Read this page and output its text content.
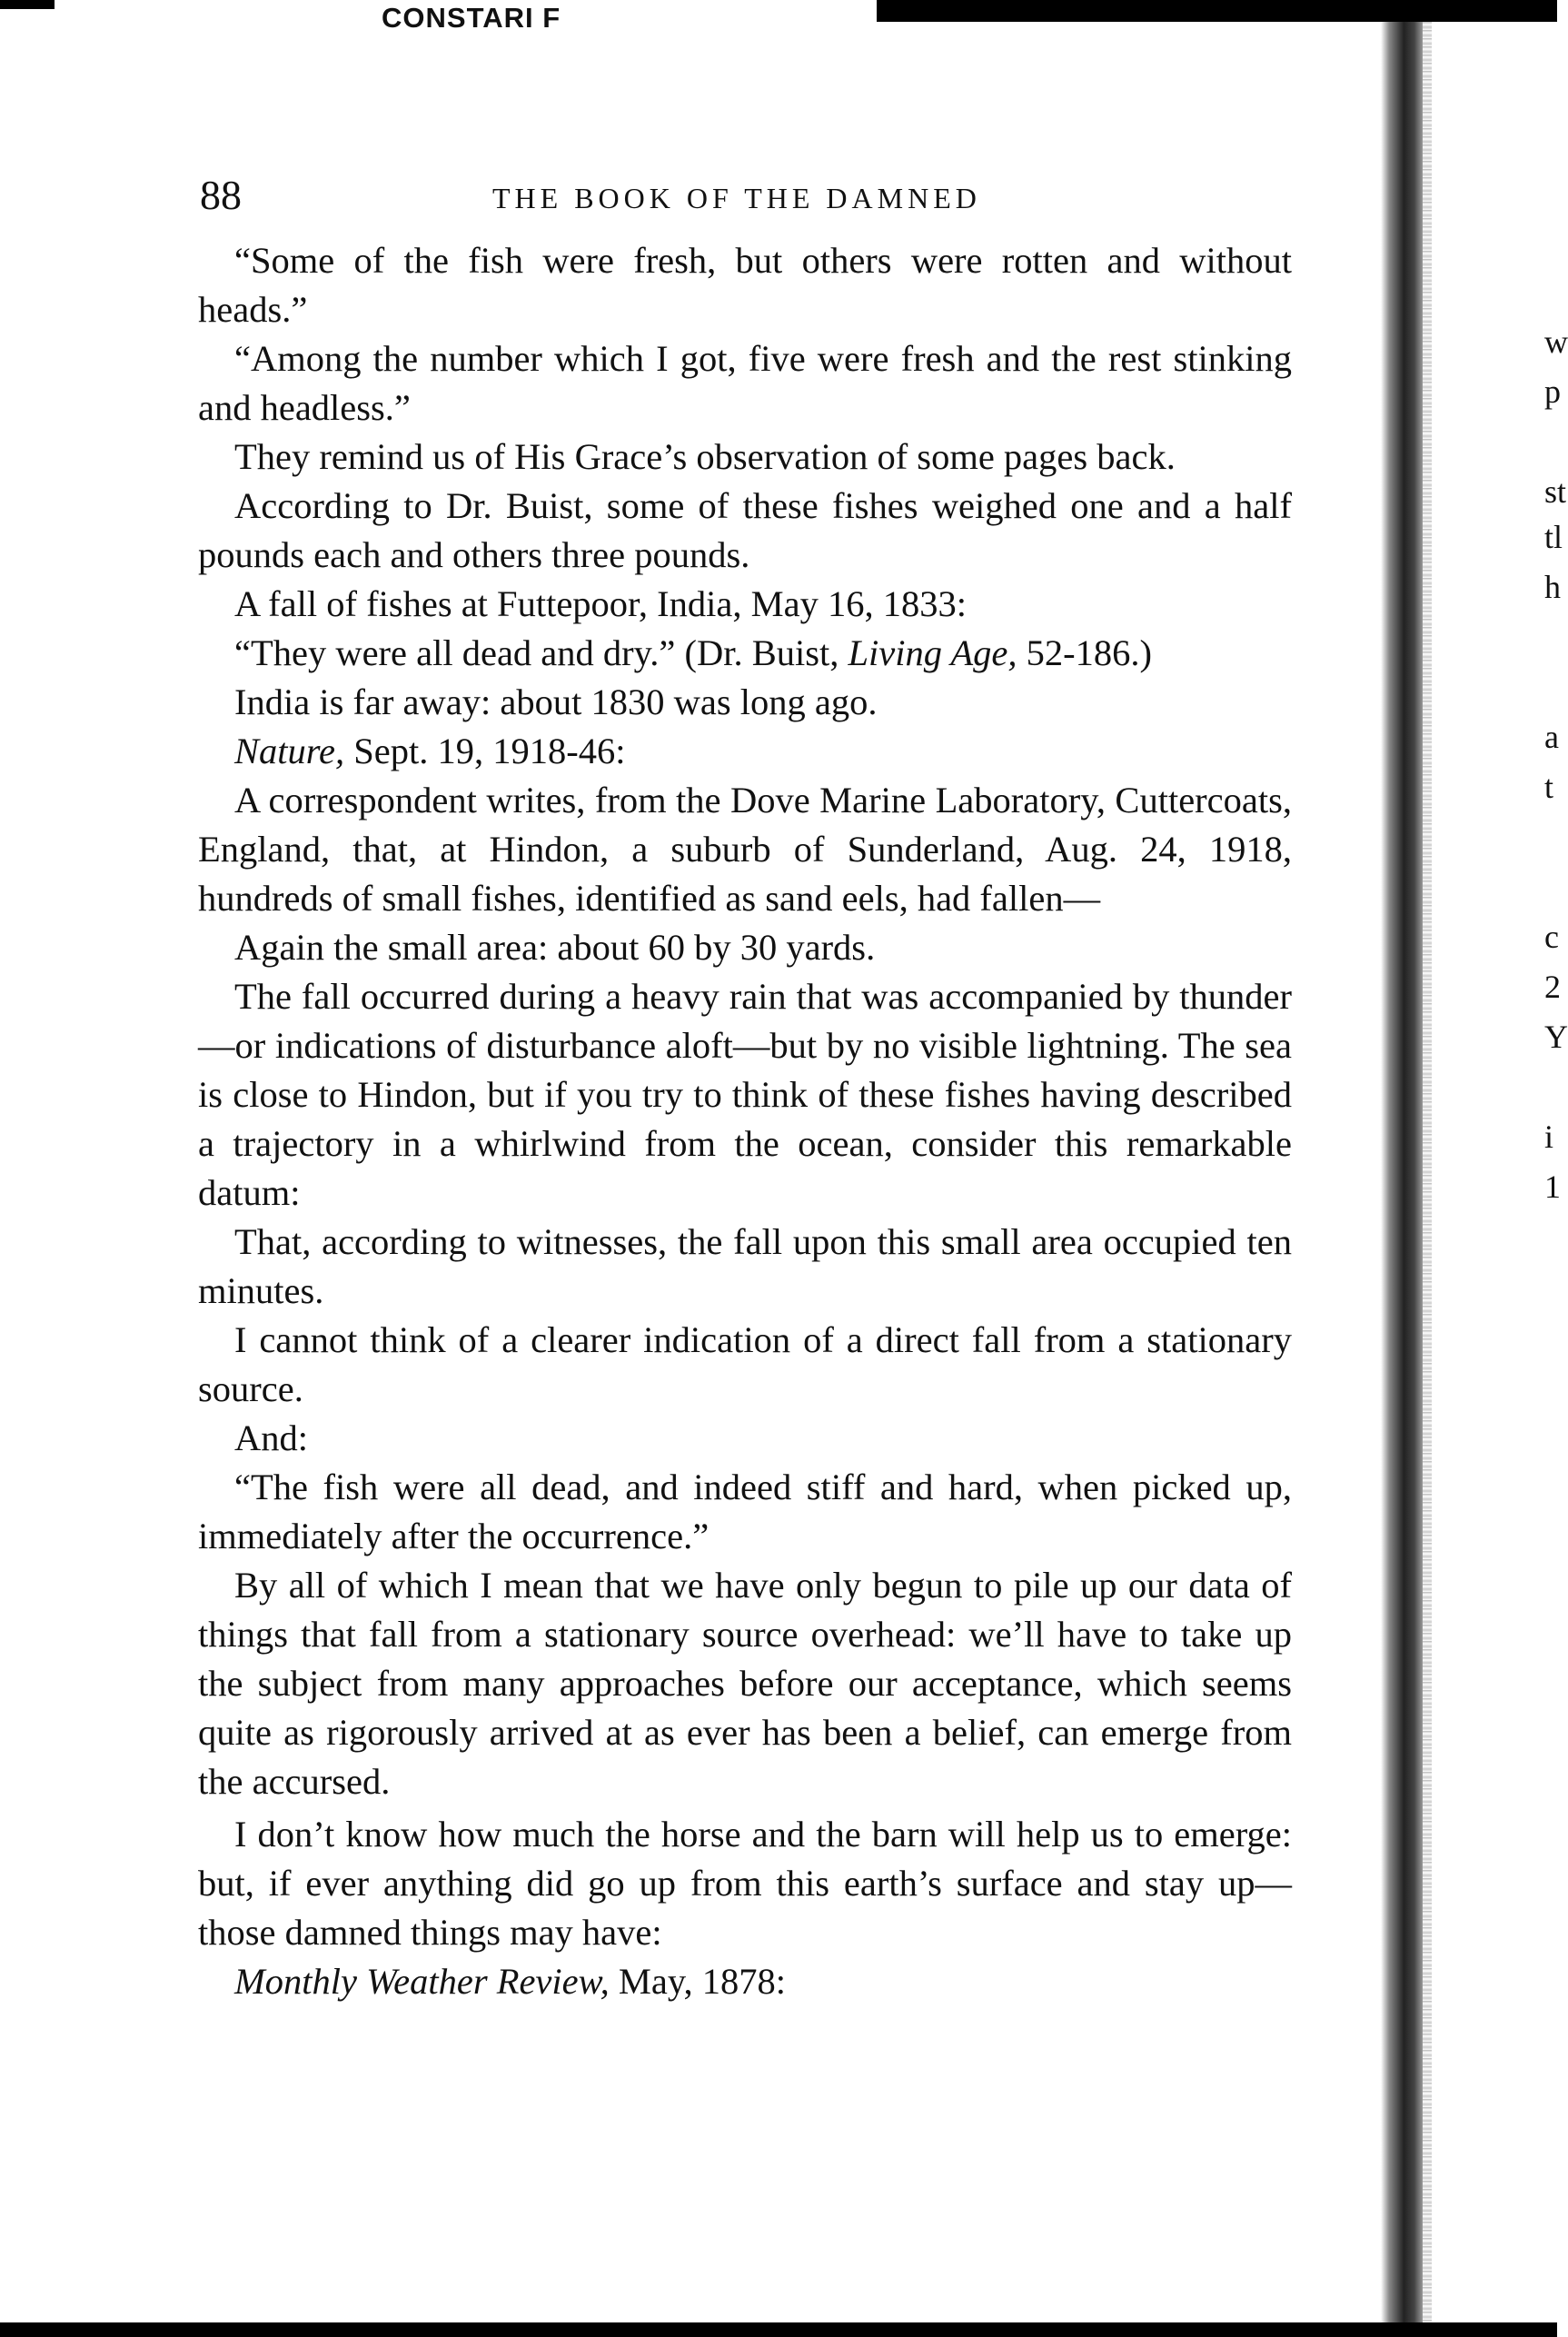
CONSTARI F
w
p
st
tl
h
a
t
c
2
Y
i
1
88	THE BOOK OF THE DAMNED

“Some of the fish were fresh, but others were rotten and without heads.”

“Among the number which I got, five were fresh and the rest stinking and headless.”

They remind us of His Grace’s observation of some pages back.

According to Dr. Buist, some of these fishes weighed one and a half pounds each and others three pounds.

A fall of fishes at Futtepoor, India, May 16, 1833:

“They were all dead and dry.” (Dr. Buist, Living Age, 52-186.)

India is far away: about 1830 was long ago.

Nature, Sept. 19, 1918-46:

A correspondent writes, from the Dove Marine Laboratory, Cuttercoats, England, that, at Hindon, a suburb of Sunderland, Aug. 24, 1918, hundreds of small fishes, identified as sand eels, had fallen—

Again the small area: about 60 by 30 yards.

The fall occurred during a heavy rain that was accompanied by thunder—or indications of disturbance aloft—but by no visible lightning. The sea is close to Hindon, but if you try to think of these fishes having described a trajectory in a whirlwind from the ocean, consider this remarkable datum:

That, according to witnesses, the fall upon this small area occupied ten minutes.

I cannot think of a clearer indication of a direct fall from a stationary source.

And:

“The fish were all dead, and indeed stiff and hard, when picked up, immediately after the occurrence.”

By all of which I mean that we have only begun to pile up our data of things that fall from a stationary source overhead: we’ll have to take up the subject from many approaches before our acceptance, which seems quite as rigorously arrived at as ever has been a belief, can emerge from the accursed.

I don’t know how much the horse and the barn will help us to emerge: but, if ever anything did go up from this earth’s surface and stay up—those damned things may have:

Monthly Weather Review, May, 1878:
